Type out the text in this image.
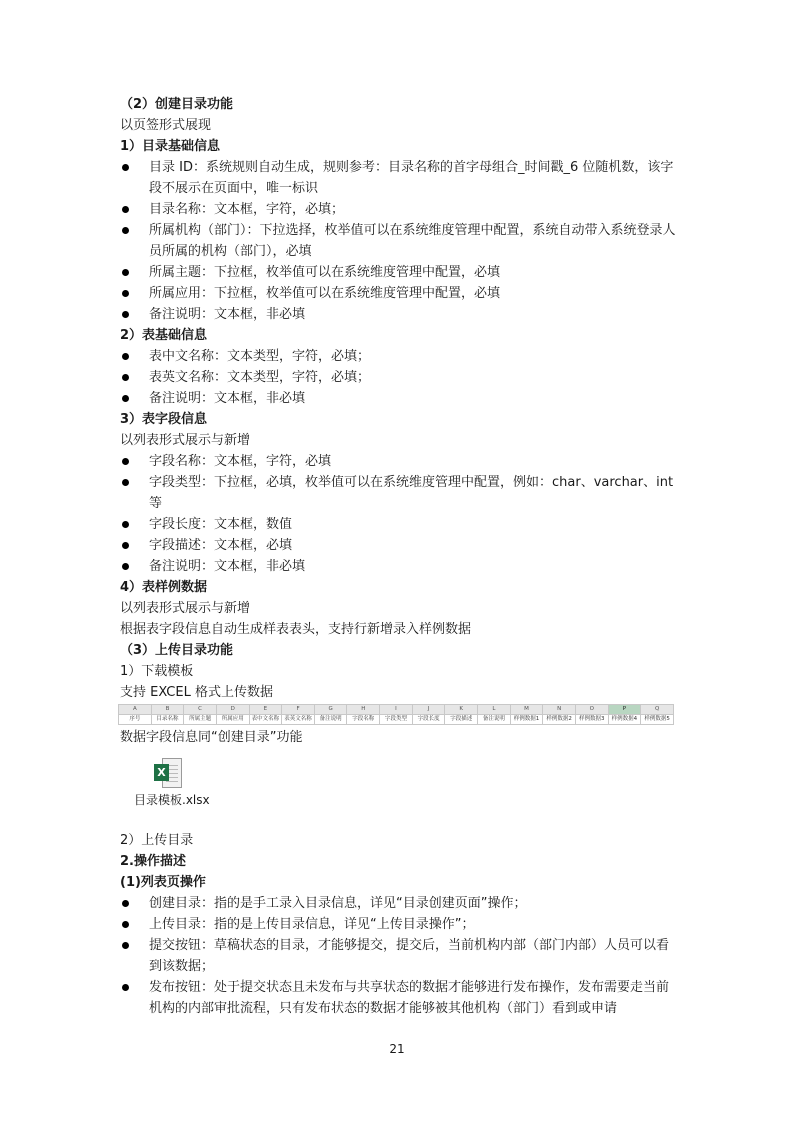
（2）创建目录功能
以页签形式展现
1）目录基础信息
目录 ID：系统规则自动生成，规则参考：目录名称的首字母组合_时间戳_6 位随机数，该字段不展示在页面中，唯一标识
目录名称：文本框，字符，必填；
所属机构（部门）：下拉选择，枚举值可以在系统维度管理中配置，系统自动带入系统登录人员所属的机构（部门），必填
所属主题：下拉框，枚举值可以在系统维度管理中配置，必填
所属应用：下拉框，枚举值可以在系统维度管理中配置，必填
备注说明：文本框，非必填
2）表基础信息
表中文名称：文本类型，字符，必填；
表英文名称：文本类型，字符，必填；
备注说明：文本框，非必填
3）表字段信息
以列表形式展示与新增
字段名称：文本框，字符，必填
字段类型：下拉框，必填，枚举值可以在系统维度管理中配置，例如：char、varchar、int 等
字段长度：文本框，数值
字段描述：文本框，必填
备注说明：文本框，非必填
4）表样例数据
以列表形式展示与新增
根据表字段信息自动生成样表表头，支持行新增录入样例数据
（3）上传目录功能
1）下载模板
支持 EXCEL 格式上传数据
A	B	C	D	E	F	G	H	I	J	K	L	M	N	O	P	Q
序号	目录名称	所属主题	所属应用	表中文名称	表英文名称	备注说明	字段名称	字段类型	字段长度	字段描述	备注说明	样例数据1	样例数据2	样例数据3	样例数据4	样例数据5
数据字段信息同“创建目录”功能
X
目录模板.xlsx
2）上传目录
2.操作描述
(1)列表页操作
创建目录：指的是手工录入目录信息，详见“目录创建页面”操作；
上传目录：指的是上传目录信息，详见“上传目录操作”；
提交按钮：草稿状态的目录，才能够提交，提交后，当前机构内部（部门内部）人员可以看到该数据；
发布按钮：处于提交状态且未发布与共享状态的数据才能够进行发布操作，发布需要走当前机构的内部审批流程，只有发布状态的数据才能够被其他机构（部门）看到或申请
21
